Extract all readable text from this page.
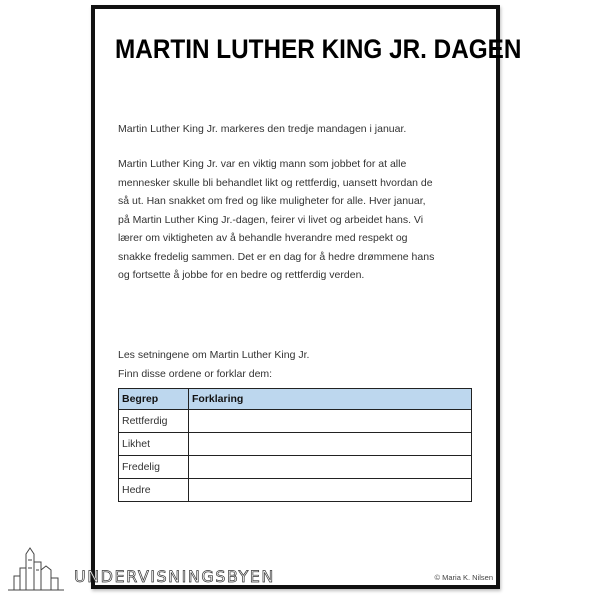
MARTIN LUTHER KING JR. DAGEN
Martin Luther King Jr. markeres den tredje mandagen i januar.
Martin Luther King Jr. var en viktig mann som jobbet for at alle
mennesker skulle bli behandlet likt og rettferdig, uansett hvordan de
så ut. Han snakket om fred og like muligheter for alle. Hver januar,
på Martin Luther King Jr.-dagen, feirer vi livet og arbeidet hans. Vi
lærer om viktigheten av å behandle hverandre med respekt og
snakke fredelig sammen. Det er en dag for å hedre drømmene hans
og fortsette å jobbe for en bedre og rettferdig verden.
Les setningene om Martin Luther King Jr.
Finn disse ordene or forklar dem:
Begrep	Forklaring
Rettferdig	
Likhet	
Fredelig	
Hedre	
© Maria K. Nilsen
UNDERVISNINGSBYEN
